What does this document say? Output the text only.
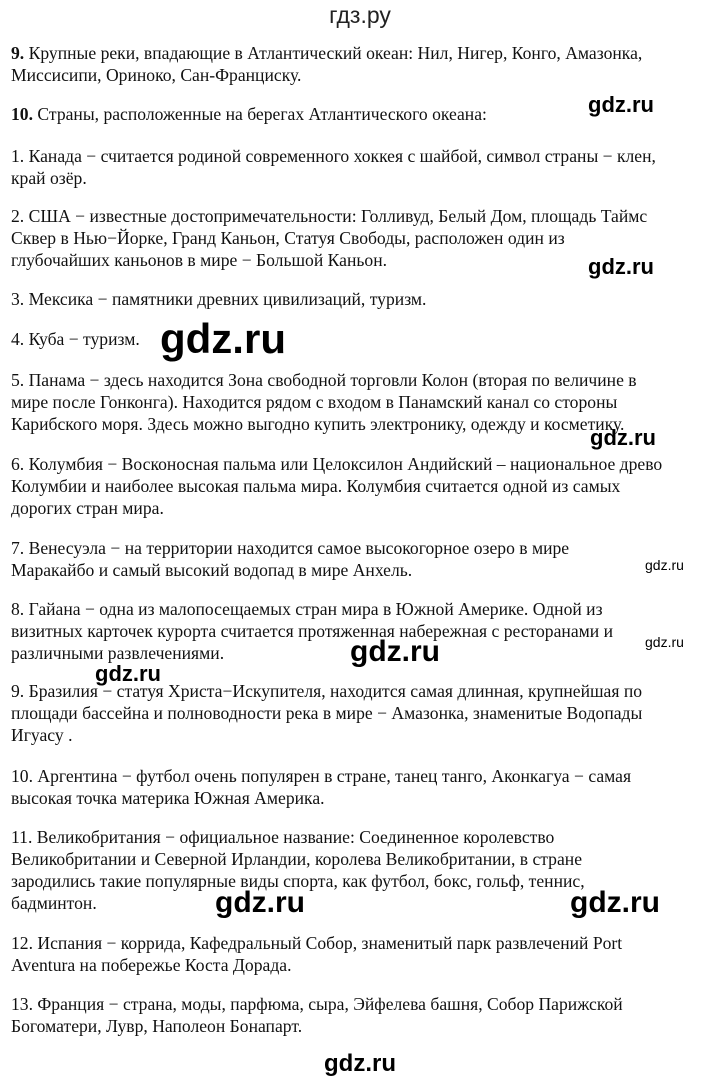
гдз.ру
9. Крупные реки, впадающие в Атлантический океан: Нил, Нигер, Конго, Амазонка,
Миссисипи, Ориноко, Сан-Франциску.
10. Страны, расположенные на берегах Атлантического океана:
1. Канада − считается родиной современного хоккея с шайбой, символ страны − клен,
край озёр.
2. США − известные достопримечательности: Голливуд, Белый Дом, площадь Таймс
Сквер в Нью−Йорке, Гранд Каньон, Статуя Свободы, расположен один из
глубочайших каньонов в мире − Большой Каньон.
3. Мексика − памятники древних цивилизаций, туризм.
4. Куба − туризм.
5. Панама − здесь находится Зона свободной торговли Колон (вторая по величине в
мире после Гонконга). Находится рядом с входом в Панамский канал со стороны
Карибского моря. Здесь можно выгодно купить электронику, одежду и косметику.
6. Колумбия − Восконосная пальма или Целоксилон Андийский – национальное древо
Колумбии и наиболее высокая пальма мира. Колумбия считается одной из самых
дорогих стран мира.
7. Венесуэла − на территории находится самое высокогорное озеро в мире
Маракайбо и самый высокий водопад в мире Анхель.
8. Гайана − одна из малопосещаемых стран мира в Южной Америке. Одной из
визитных карточек курорта считается протяженная набережная с ресторанами и
различными развлечениями.
9. Бразилия − статуя Христа−Искупителя, находится самая длинная, крупнейшая по
площади бассейна и полноводности река в мире − Амазонка, знаменитые Водопады
Игуасу .
10. Аргентина − футбол очень популярен в стране, танец танго, Аконкагуа − самая
высокая точка материка Южная Америка.
11. Великобритания − официальное название: Соединенное королевство
Великобритании и Северной Ирландии, королева Великобритании, в стране
зародились такие популярные виды спорта, как футбол, бокс, гольф, теннис,
бадминтон.
12. Испания − коррида, Кафедральный Собор, знаменитый парк развлечений Port
Aventura на побережье Коста Дорада.
13. Франция − страна, моды, парфюма, сыра, Эйфелева башня, Собор Парижской
Богоматери, Лувр, Наполеон Бонапарт.
gdz.ru
gdz.ru
gdz.ru
gdz.ru
gdz.ru
gdz.ru
gdz.ru
gdz.ru
gdz.ru	gdz.ru
gdz.ru
